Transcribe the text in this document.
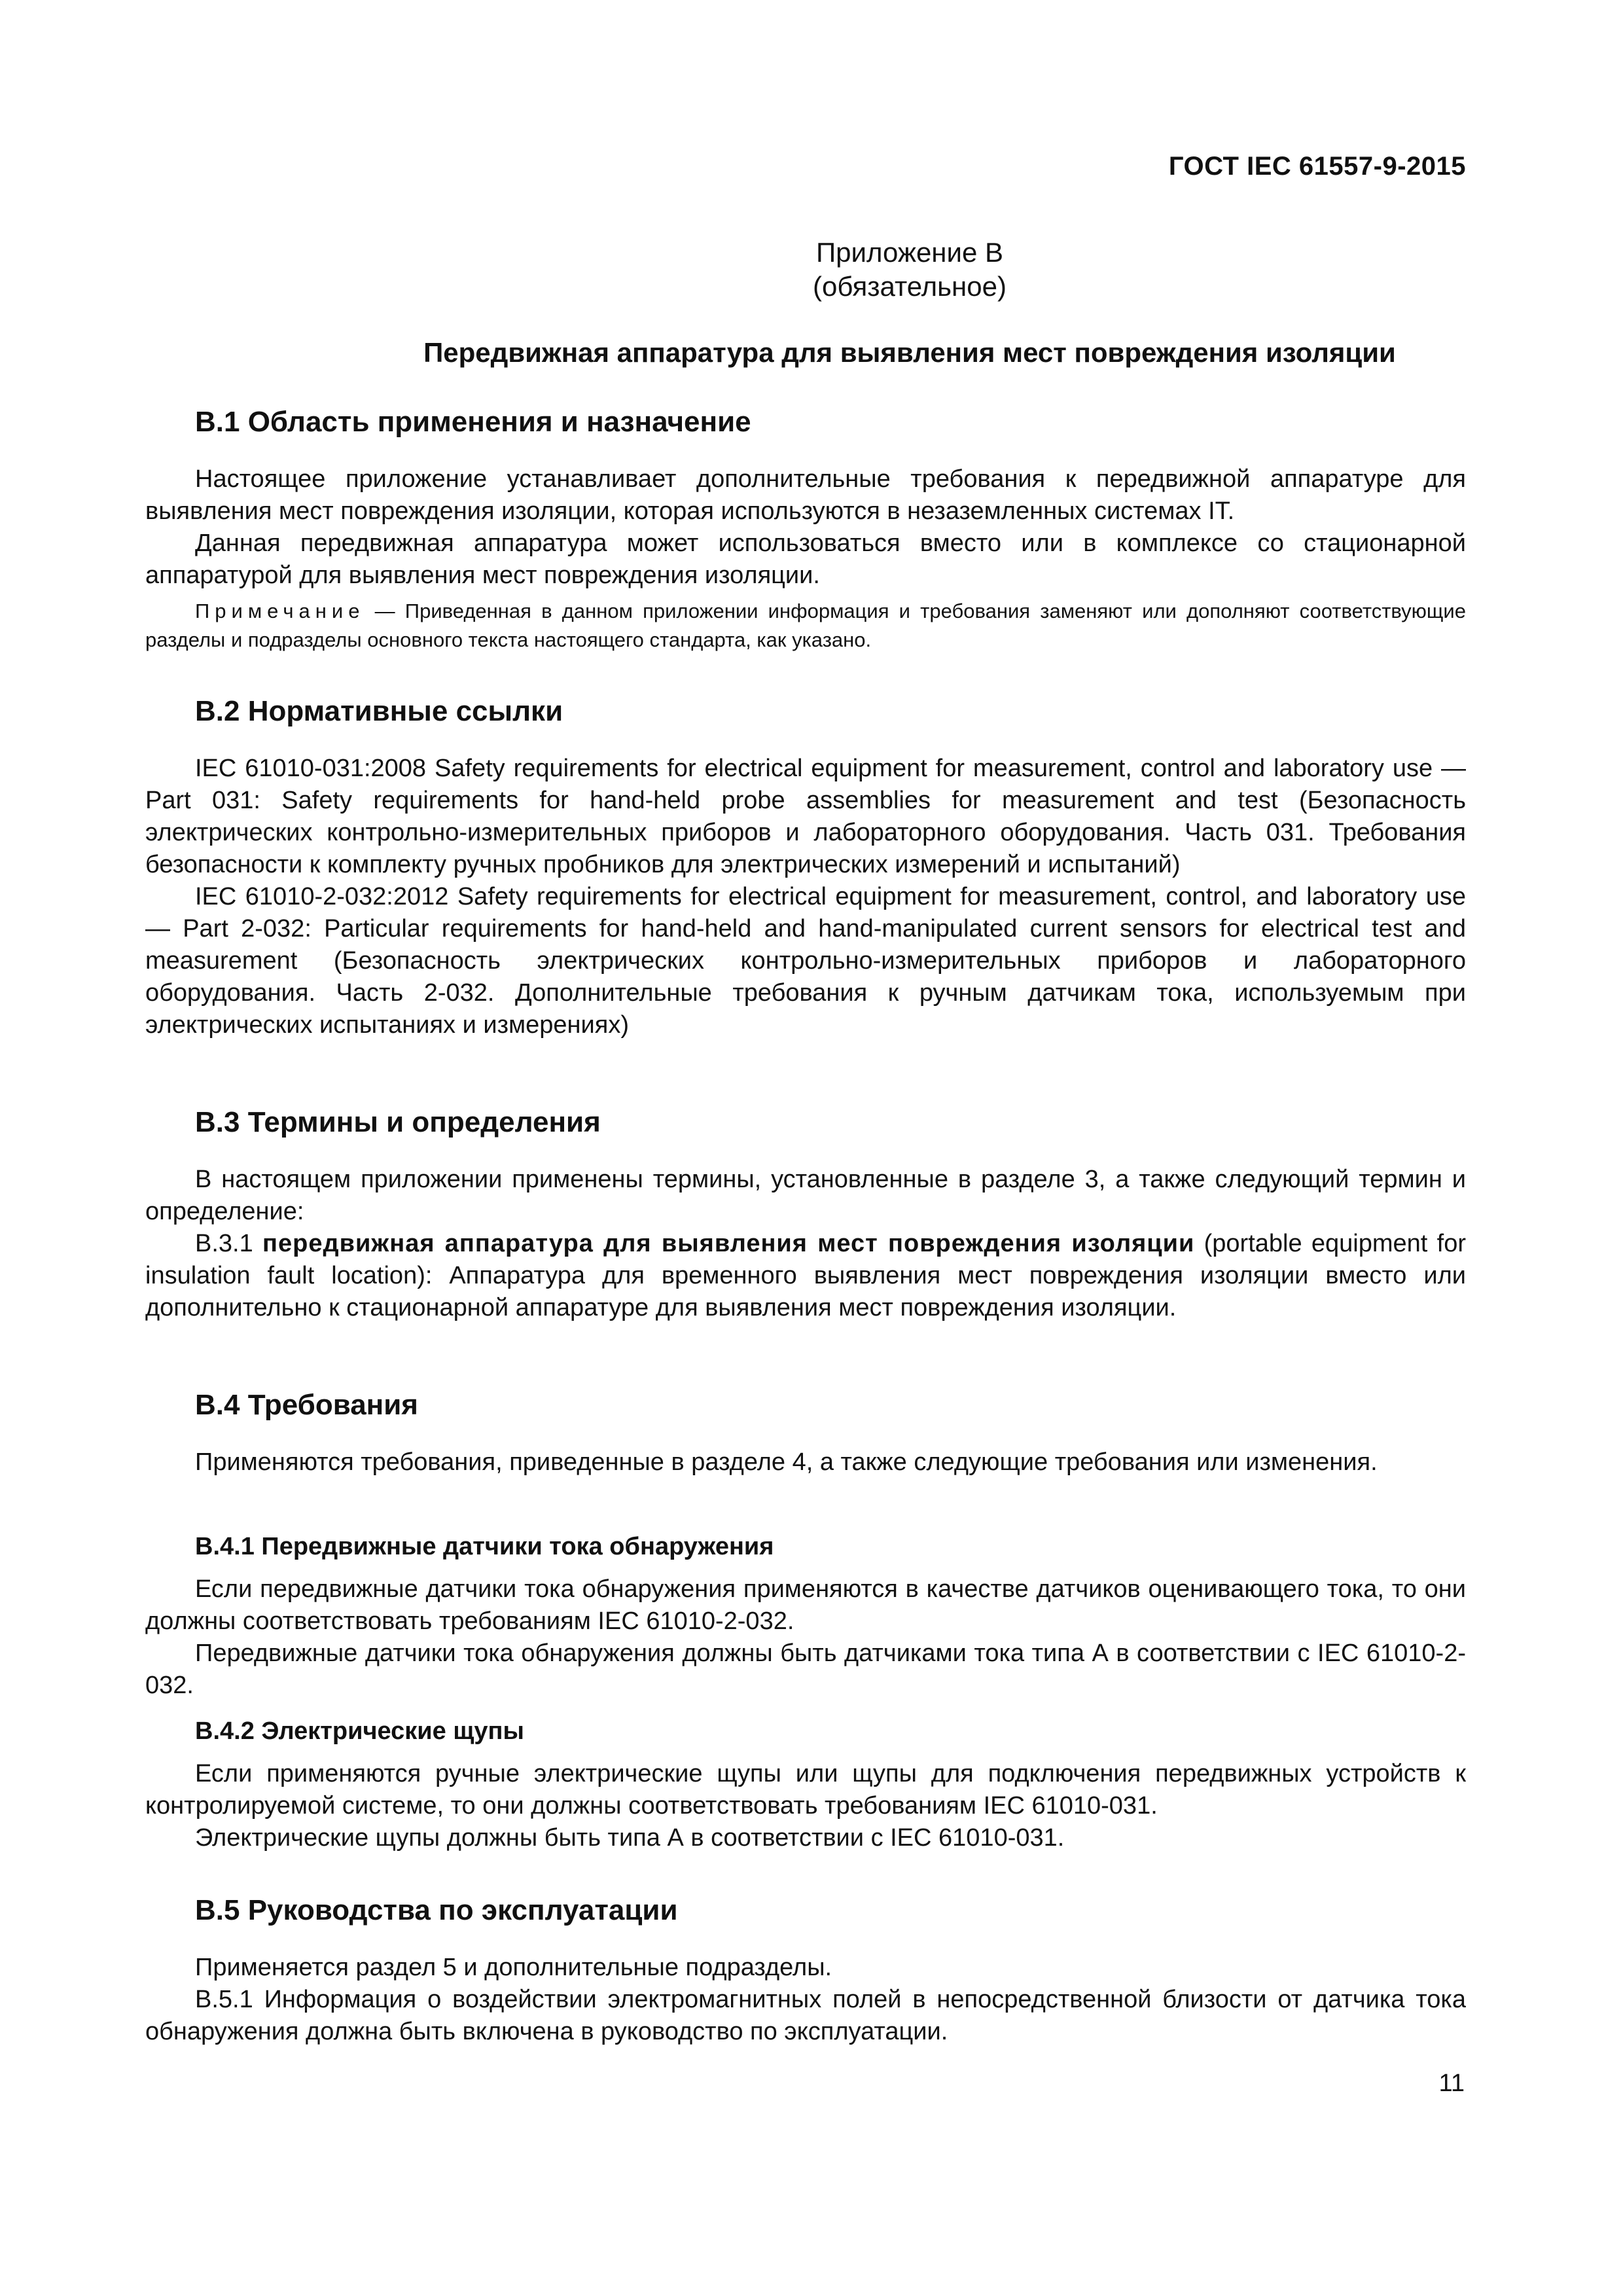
ГОСТ IEC 61557-9-2015
Приложение В
(обязательное)
Передвижная аппаратура для выявления мест повреждения изоляции
В.1 Область применения и назначение

Настоящее приложение устанавливает дополнительные требования к передвижной аппаратуре для выявления мест повреждения изоляции, которая используются в незаземленных системах IT.

Данная передвижная аппаратура может использоваться вместо или в комплексе со стационарной аппаратурой для выявления мест повреждения изоляции.

Примечание — Приведенная в данном приложении информация и требования заменяют или дополняют соответствующие разделы и подразделы основного текста настоящего стандарта, как указано.
В.2 Нормативные ссылки

IEC 61010-031:2008 Safety requirements for electrical equipment for measurement, control and laboratory use — Part 031: Safety requirements for hand-held probe assemblies for measurement and test (Безопасность электрических контрольно-измерительных приборов и лабораторного оборудования. Часть 031. Требования безопасности к комплекту ручных пробников для электрических измерений и испытаний)

IEC 61010-2-032:2012 Safety requirements for electrical equipment for measurement, control, and laboratory use — Part 2-032: Particular requirements for hand-held and hand-manipulated current sensors for electrical test and measurement (Безопасность электрических контрольно-измерительных приборов и лабораторного оборудования. Часть 2-032. Дополнительные требования к ручным датчикам тока, используемым при электрических испытаниях и измерениях)

В.3 Термины и определения

В настоящем приложении применены термины, установленные в разделе 3, а также следующий термин и определение:

В.3.1 передвижная аппаратура для выявления мест повреждения изоляции (portable equipment for insulation fault location): Аппаратура для временного выявления мест повреждения изоляции вместо или дополнительно к стационарной аппаратуре для выявления мест повреждения изоляции.

В.4 Требования

Применяются требования, приведенные в разделе 4, а также следующие требования или изменения.

В.4.1 Передвижные датчики тока обнаружения

Если передвижные датчики тока обнаружения применяются в качестве датчиков оценивающего тока, то они должны соответствовать требованиям IEC 61010-2-032.

Передвижные датчики тока обнаружения должны быть датчиками тока типа А в соответствии с IEC 61010-2-032.

В.4.2 Электрические щупы

Если применяются ручные электрические щупы или щупы для подключения передвижных устройств к контролируемой системе, то они должны соответствовать требованиям IEC 61010-031.

Электрические щупы должны быть типа А в соответствии с IEC 61010-031.

В.5 Руководства по эксплуатации

Применяется раздел 5 и дополнительные подразделы.

В.5.1 Информация о воздействии электромагнитных полей в непосредственной близости от датчика тока обнаружения должна быть включена в руководство по эксплуатации.

11
